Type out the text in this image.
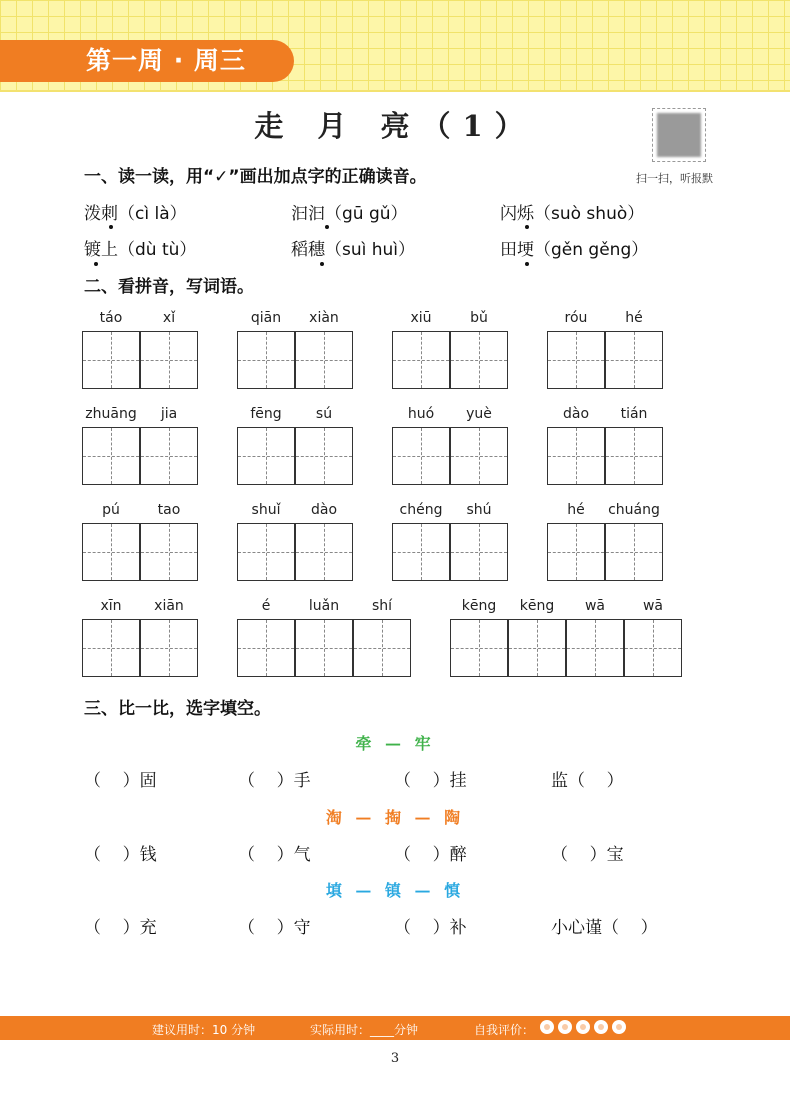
第一周 · 周三
走 月 亮（1）
扫一扫，听报默
一、读一读，用“✓”画出加点字的正确读音。
泼刺（cì là）	汩汩（gū gǔ）	闪烁（suò shuò）
镀上（dù tù）	稻穗（suì huì）	田埂（gěn gěng）
二、看拼音，写词语。
táo	xǐ	qiān	xiàn	xiū	bǔ	róu	hé
zhuāng	jia	fēng	sú	huó	yuè	dào	tián
pú	tao	shuǐ	dào	chéng	shú	hé	chuáng
xīn	xiān	é	luǎn	shí	kēng	kēng	wā	wā
三、比一比，选字填空。
牵 — 牢
（    ）固	（    ）手	（    ）挂	监（    ）
淘 — 掏 — 陶
（    ）钱	（    ）气	（    ）醉	（    ）宝
填 — 镇 — 慎
（    ）充	（    ）守	（    ）补	小心谨（    ）
建议用时：10 分钟	实际用时：____分钟	自我评价：
3
